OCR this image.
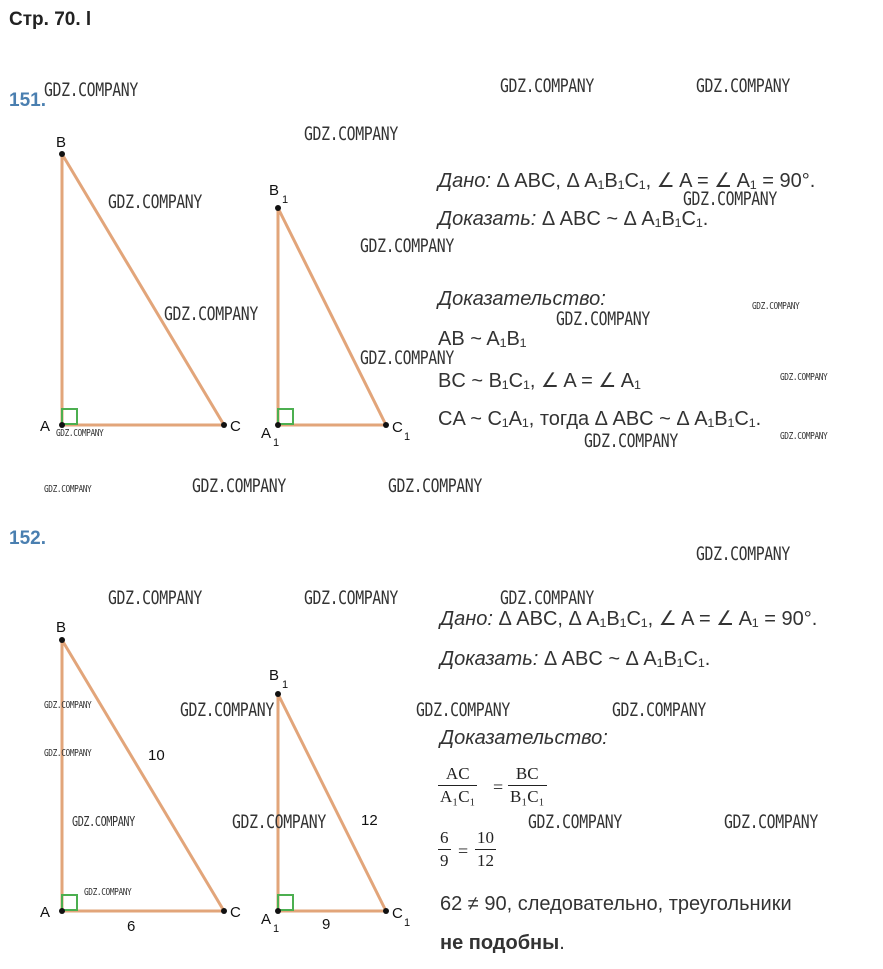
Стр. 70. l
151.
B
A	C
B
1
A
1
C
1
B
A	C
B
1
A
1
C
1
10
6
12
9
Дано: Δ ABC, Δ A₁B₁C₁, ∠ A = ∠ A₁ = 90°.
Доказать: Δ ABC ~ Δ A₁B₁C₁.
Доказательство:
AB ~ A₁B₁
BC ~ B₁C₁, ∠ A = ∠ A₁
CA ~ C₁A₁, тогда Δ ABC ~ Δ A₁B₁C₁.
152.
Дано: Δ ABC, Δ A₁B₁C₁, ∠ A = ∠ A₁ = 90°.
Доказать: Δ ABC ~ Δ A₁B₁C₁.
Доказательство:
AC
A₁C₁ =
BC
B₁C₁
6
9 =
10
12
62 ≠ 90, следовательно, треугольники
не подобны.
GDZ.COMPANY	GDZ.COMPANY	GDZ.COMPANY
GDZ.COMPANY
GDZ.COMPANY	GDZ.COMPANY
GDZ.COMPANY
GDZ.COMPANY	GDZ.COMPANY
GDZ.COMPANY
GDZ.COMPANY
GDZ.COMPANY	GDZ.COMPANY
GDZ.COMPANY
GDZ.COMPANY	GDZ.COMPANY	GDZ.COMPANY
GDZ.COMPANY	GDZ.COMPANY	GDZ.COMPANY
GDZ.COMPANY	GDZ.COMPANY	GDZ.COMPANY
GDZ.COMPANY
GDZ.COMPANY
GDZ.COMPANY
GDZ.COMPANY
GDZ.COMPANY
GDZ.COMPANY
GDZ.COMPANY
GDZ.COMPANY
GDZ.COMPANY
